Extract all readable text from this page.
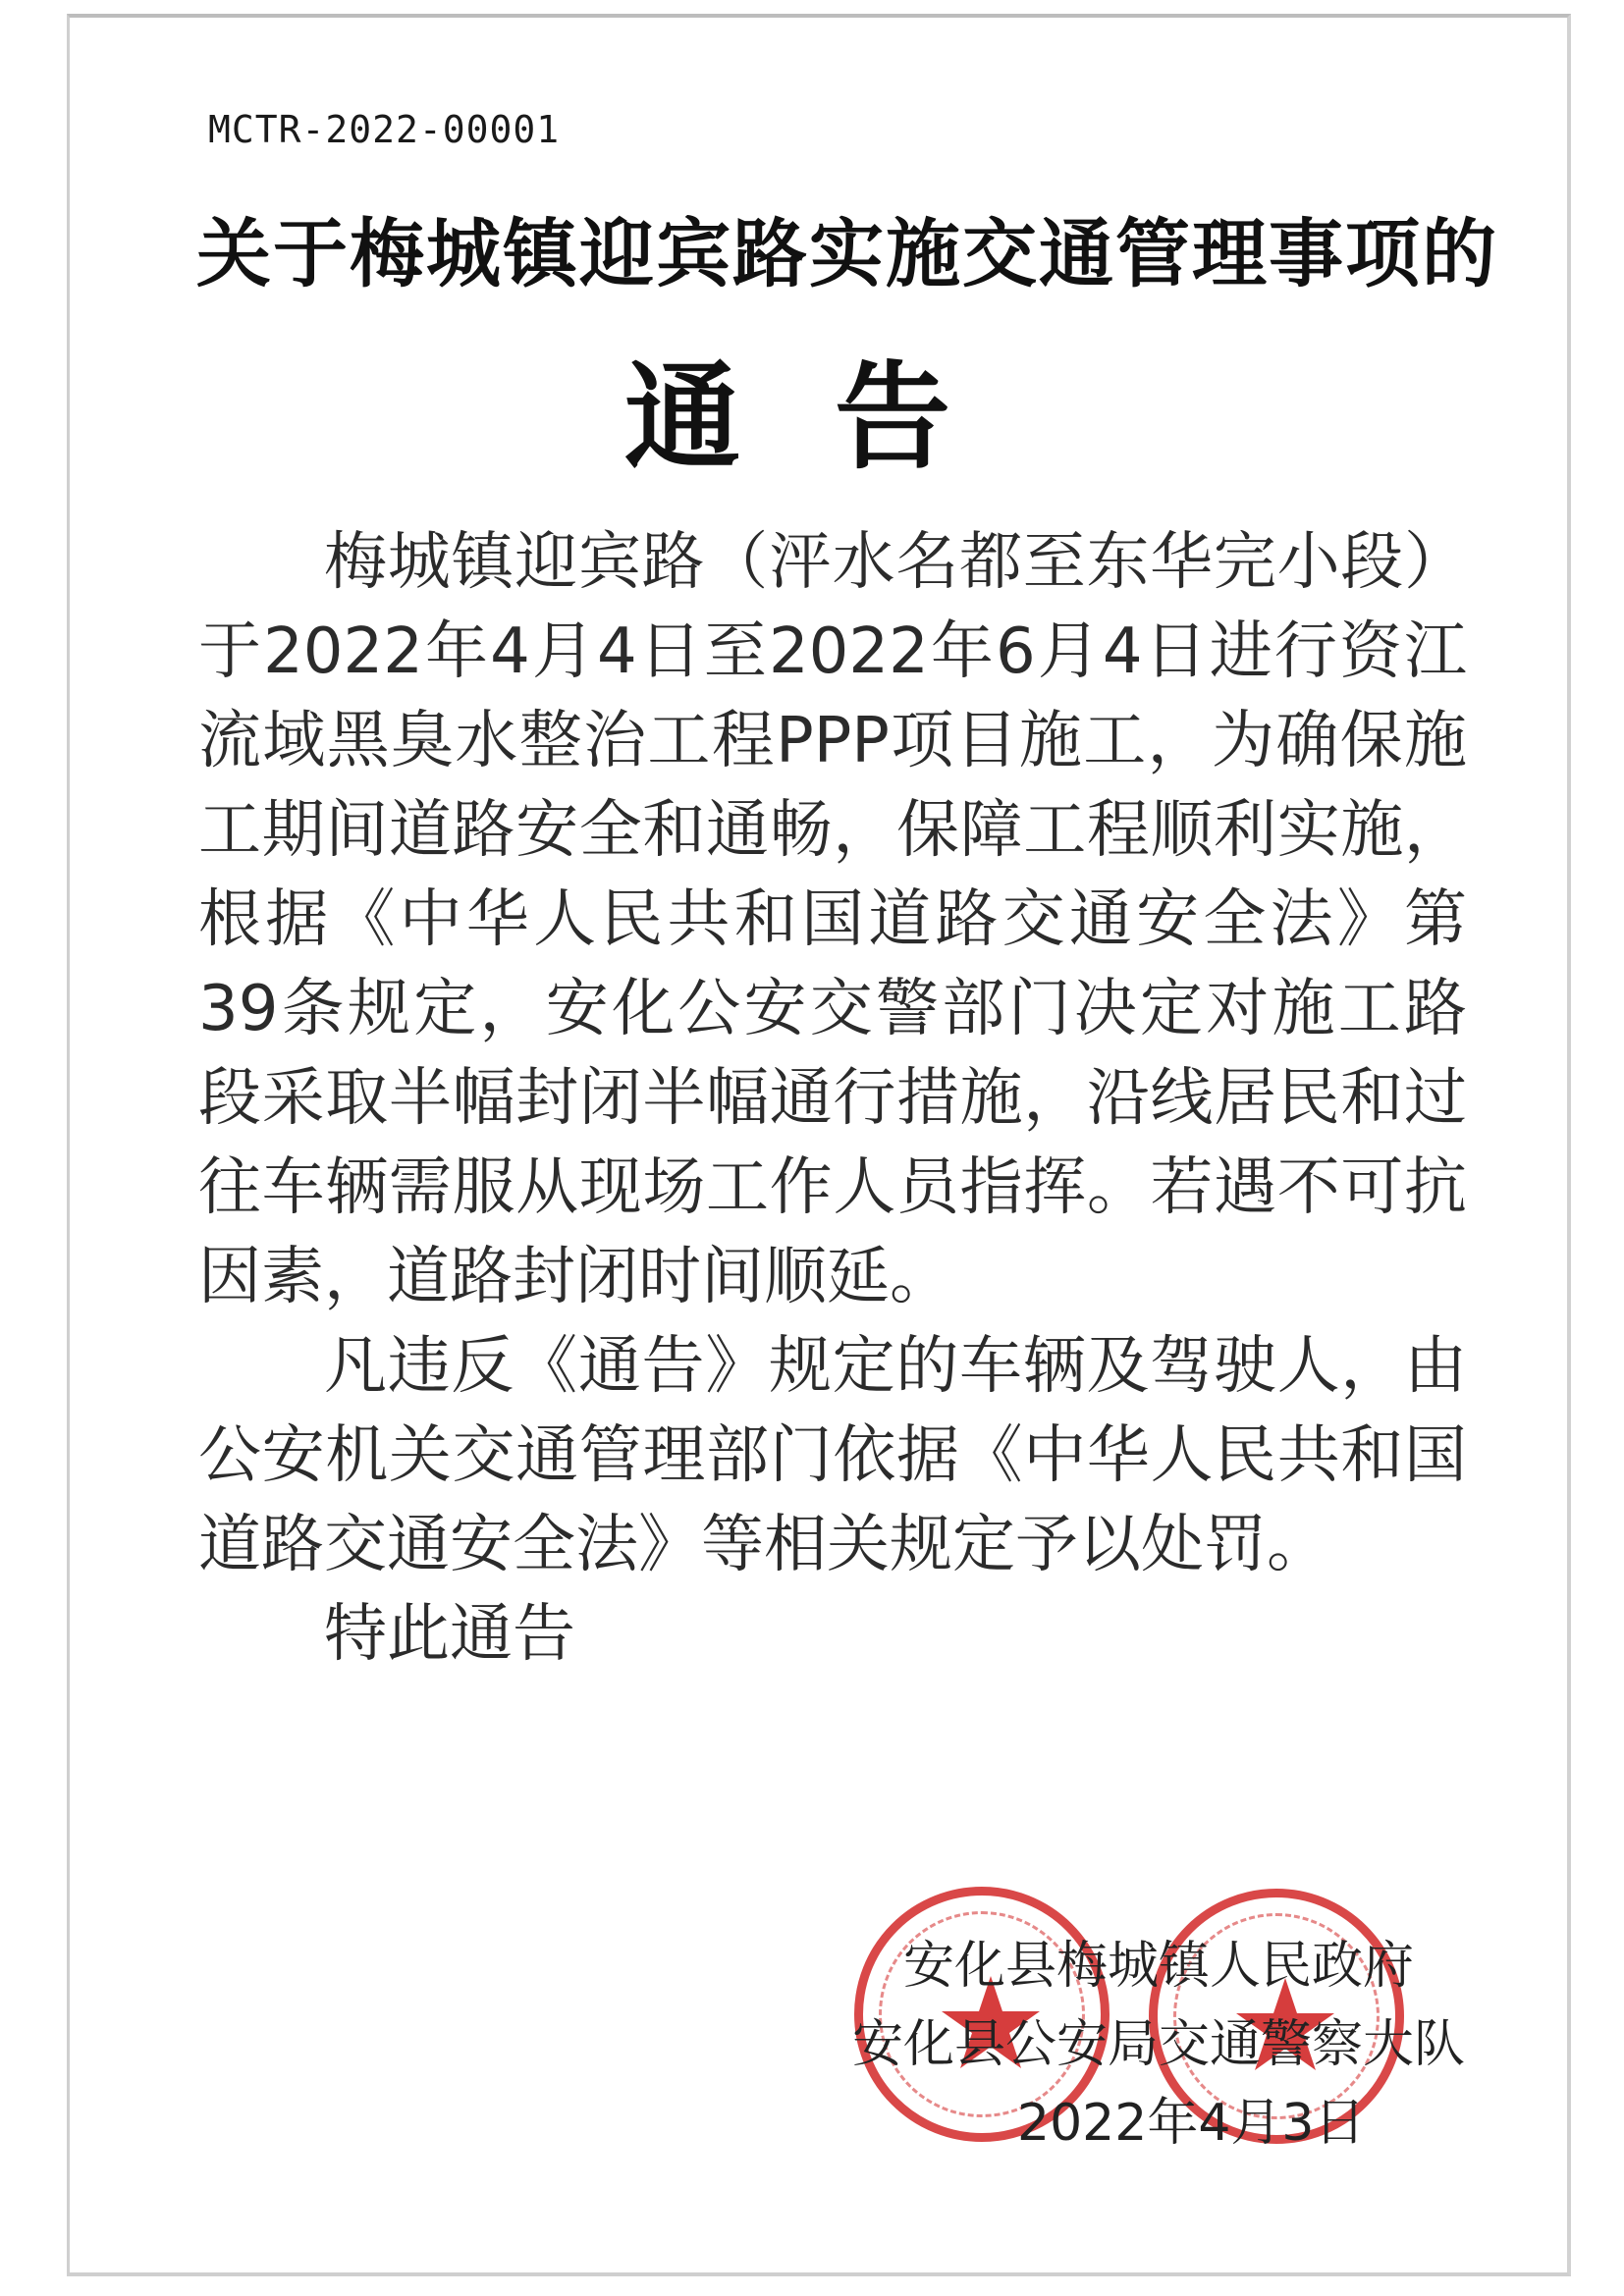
MCTR-2022-00001
关于梅城镇迎宾路实施交通管理事项的
通告

梅城镇迎宾路（泙水名都至东华完小段）于2022年4月4日至2022年6月4日进行资江流域黑臭水整治工程PPP项目施工，为确保施工期间道路安全和通畅，保障工程顺利实施，根据《中华人民共和国道路交通安全法》第39条规定，安化公安交警部门决定对施工路段采取半幅封闭半幅通行措施，沿线居民和过往车辆需服从现场工作人员指挥。若遇不可抗因素，道路封闭时间顺延。

凡违反《通告》规定的车辆及驾驶人，由公安机关交通管理部门依据《中华人民共和国道路交通安全法》等相关规定予以处罚。

特此通告

安化县梅城镇人民政府
安化县公安局交通警察大队
2022年4月3日
